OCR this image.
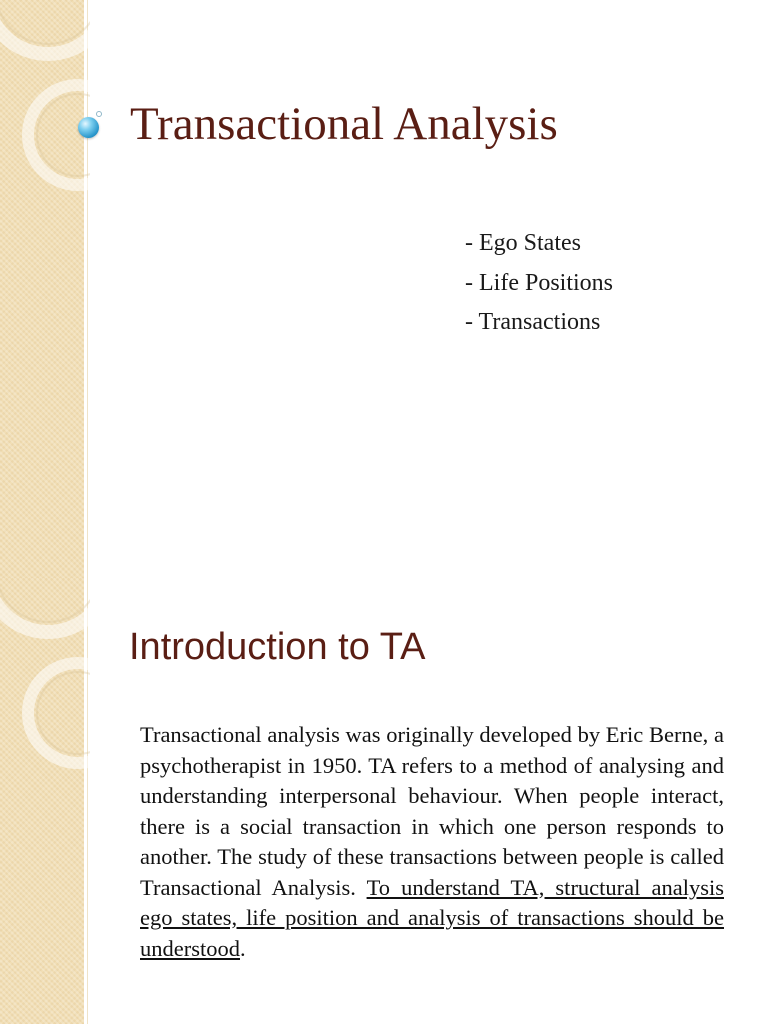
Transactional Analysis
- Ego States
- Life Positions
- Transactions
Introduction to TA

Transactional analysis was originally developed by Eric Berne, a psychotherapist in 1950. TA refers to a method of analysing and understanding interpersonal behaviour. When people interact, there is a social transaction in which one person responds to another. The study of these transactions between people is called Transactional Analysis. To understand TA, structural analysis ego states, life position and analysis of transactions should be understood.
